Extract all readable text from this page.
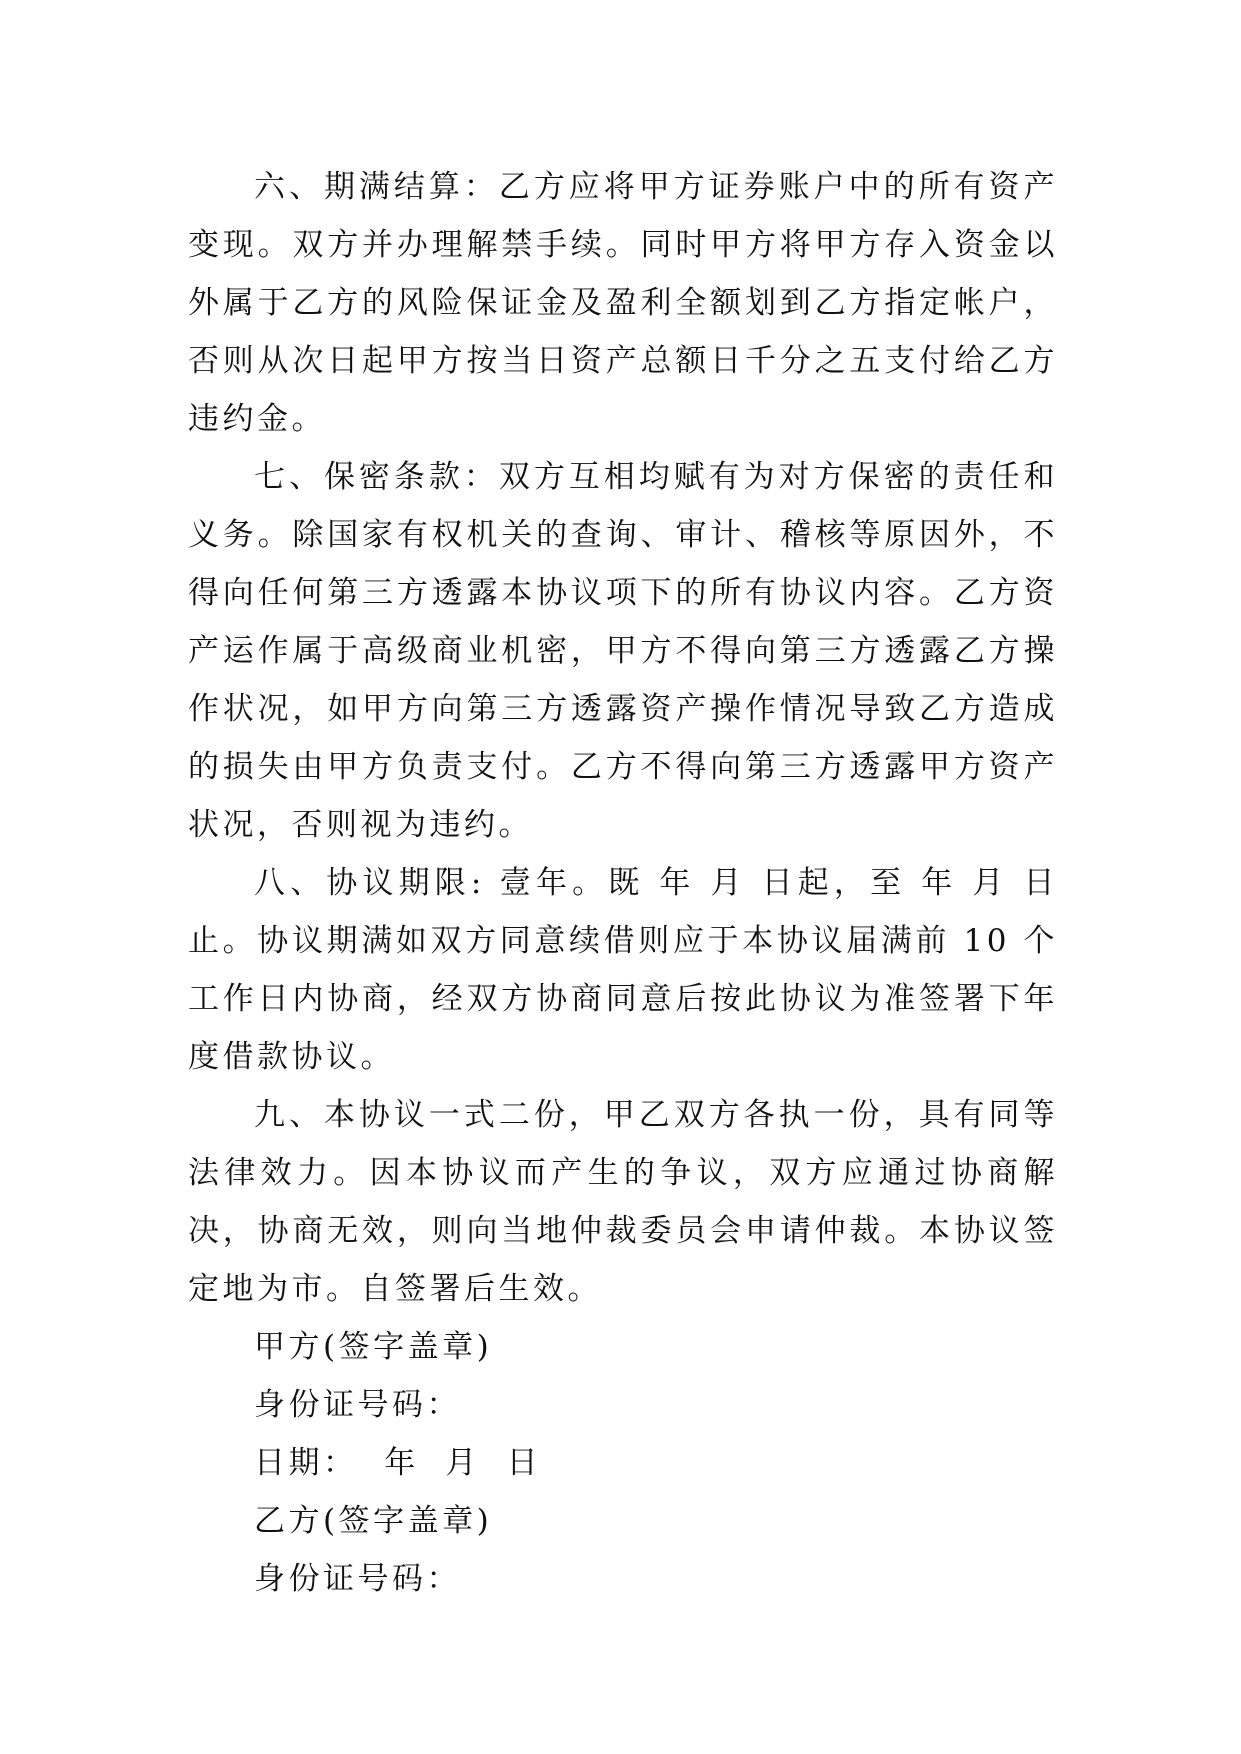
六、期满结算：乙方应将甲方证券账户中的所有资产变现。双方并办理解禁手续。同时甲方将甲方存入资金以外属于乙方的风险保证金及盈利全额划到乙方指定帐户，否则从次日起甲方按当日资产总额日千分之五支付给乙方违约金。

七、保密条款：双方互相均赋有为对方保密的责任和义务。除国家有权机关的查询、审计、稽核等原因外，不得向任何第三方透露本协议项下的所有协议内容。乙方资产运作属于高级商业机密，甲方不得向第三方透露乙方操作状况，如甲方向第三方透露资产操作情况导致乙方造成的损失由甲方负责支付。乙方不得向第三方透露甲方资产状况，否则视为违约。

八、协议期限: 壹年。既 年 月 日起，至 年 月 日止。协议期满如双方同意续借则应于本协议届满前 10 个工作日内协商，经双方协商同意后按此协议为准签署下年度借款协议。

九、本协议一式二份，甲乙双方各执一份，具有同等法律效力。因本协议而产生的争议，双方应通过协商解决，协商无效，则向当地仲裁委员会申请仲裁。本协议签定地为市。自签署后生效。

甲方(签字盖章)

身份证号码：

日期：  年  月  日

乙方(签字盖章)

身份证号码：
